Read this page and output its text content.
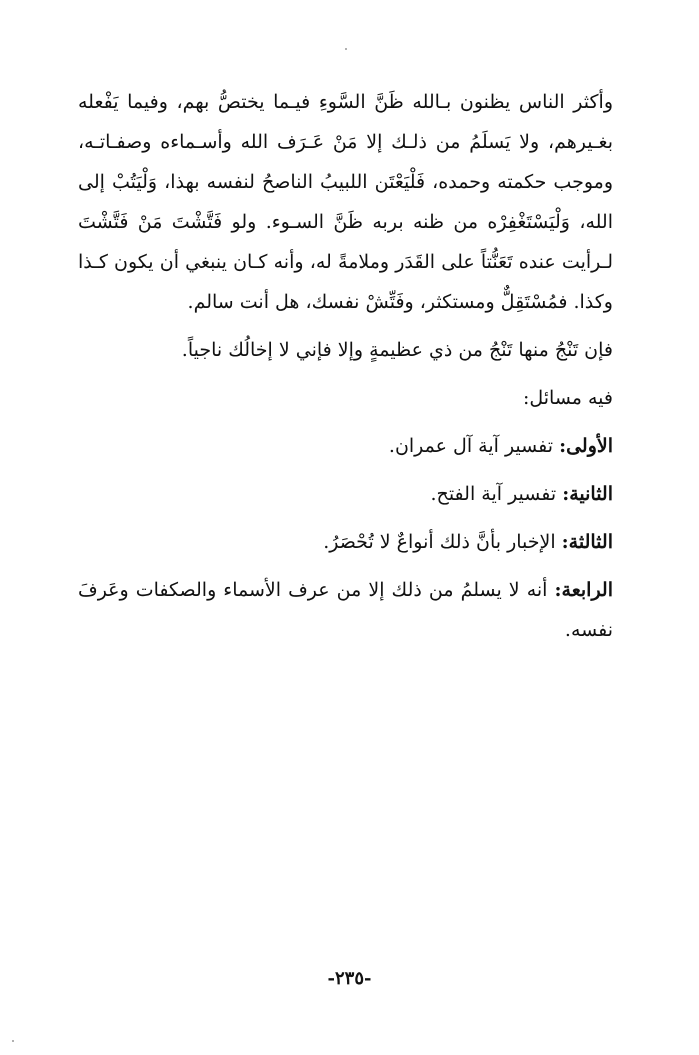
وأكثر الناس يظنون بـالله ظَنَّ السَّوءِ فيـما يختصُّ بهم، وفيما يَفْعله بغـيرهم، ولا يَسلَمُ من ذلـك إلا مَنْ عَـرَف الله وأسـماءه وصفـاتـه، وموجب حكمته وحمده، فَلْيَعْتَن اللبيبُ الناصحُ لنفسه بهذا، وَلْيَتُبْ إلى الله، وَلْيَسْتَغْفِرْه من ظنه بربه ظَنَّ السـوء. ولو فَتَّشْتَ مَنْ فَتَّشْتَ لـرأيت عنده تَعَنُّتاً على القَدَر وملامةً له، وأنه كـان ينبغي أن يكون كـذا وكذا. فمُسْتَقِلٌّ ومستكثر، وفَتِّشْ نفسك، هل أنت سالم.

فإن تَنْجُ منها تَنْجُ من ذي عظيمةٍ وإلا فإني لا إخالُك ناجياً.

فيه مسائل:

الأولى: تفسير آية آل عمران.

الثانية: تفسير آية الفتح.

الثالثة: الإخبار بأنَّ ذلك أنواعٌ لا تُحْصَرُ.

الرابعة: أنه لا يسلمُ من ذلك إلا من عرف الأسماء والصكفات وعَرفَ نفسه.

-٢٣٥-
